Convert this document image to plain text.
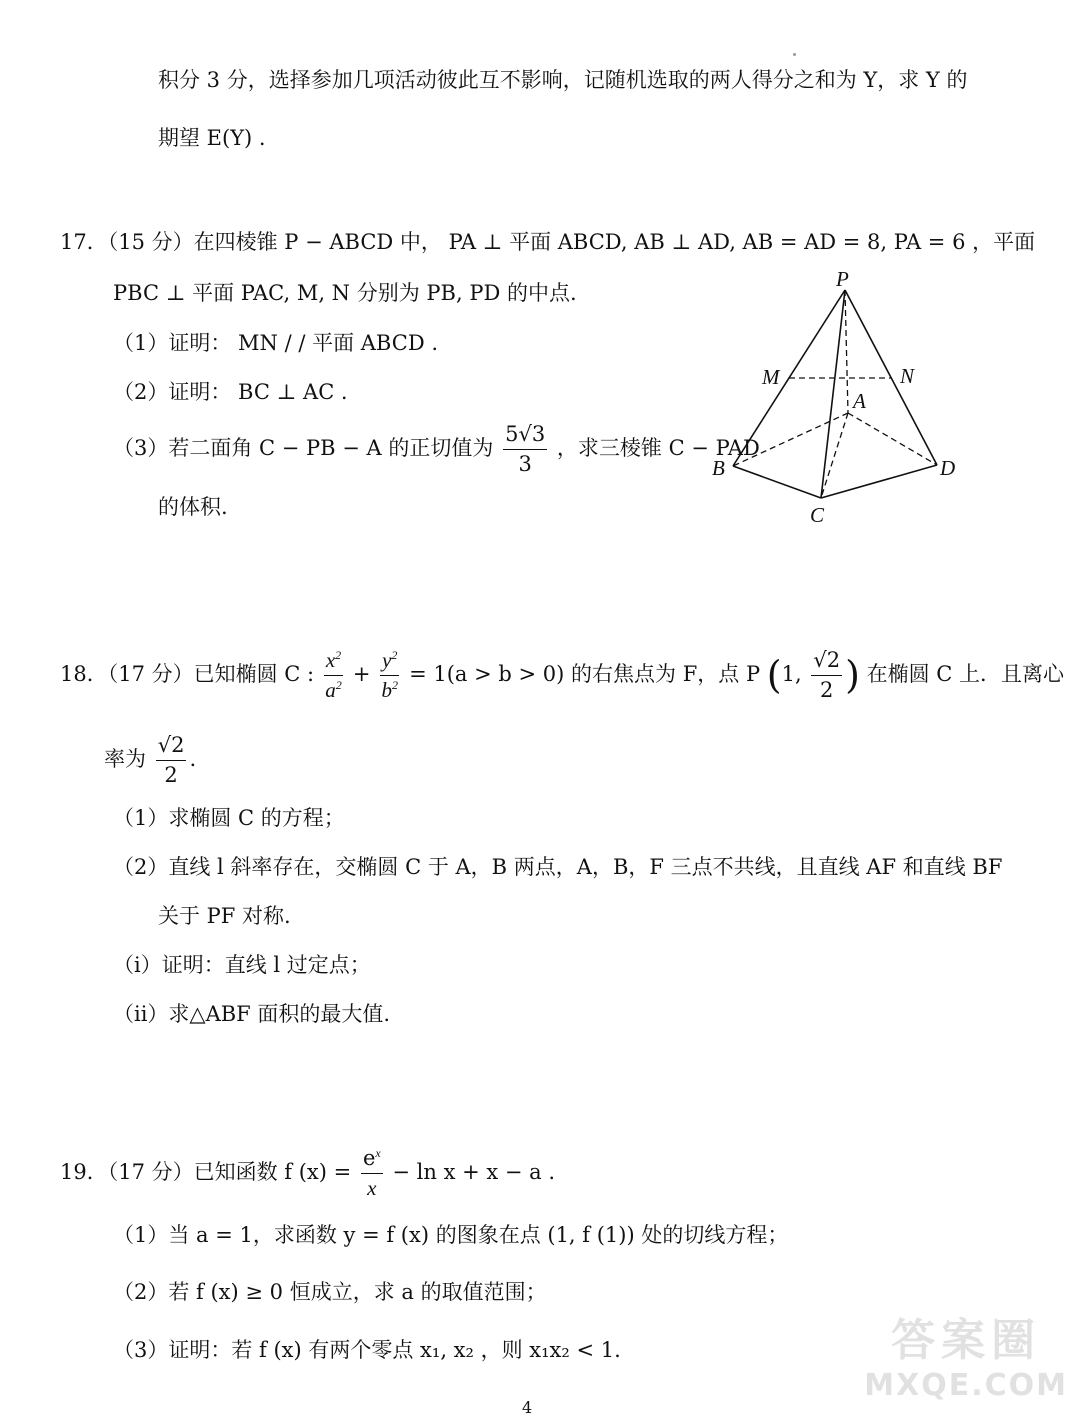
积分 3 分，选择参加几项活动彼此互不影响，记随机选取的两人得分之和为 Y，求 Y 的
期望 E(Y) .
17．（15 分）在四棱锥 P − ABCD 中， PA ⊥ 平面 ABCD, AB ⊥ AD, AB = AD = 8, PA = 6 ，平面
PBC ⊥ 平面 PAC, M, N 分别为 PB, PD 的中点.
（1）证明： MN / / 平面 ABCD .
（2）证明： BC ⊥ AC .
（3）若二面角 C − PB − A 的正切值为 $\frac{5√3}{3}$ ，求三棱锥 C − PAD
的体积.
P
M	N
A
B
C
D
18．（17 分）已知椭圆 C : $\frac{x^2}{a^2} + \frac{y^2}{b^2} = 1(a > b > 0)$ 的右焦点为 F，点 P (1, $\frac{√2}{2}$ ) 在椭圆 C 上．且离心
率为 $\frac{√2}{2}$ .
（1）求椭圆 C 的方程；
（2）直线 l 斜率存在，交椭圆 C 于 A，B 两点，A，B，F 三点不共线，且直线 AF 和直线 BF
关于 PF 对称.
（i）证明：直线 l 过定点；
（ii）求△ABF 面积的最大值.
19．（17 分）已知函数 f $(x) = \frac{e^x}{x} - \ln x + x - a$ .
（1）当 a = 1，求函数 y = f (x) 的图象在点 (1, f (1)) 处的切线方程；
（2）若 f (x) ≥ 0 恒成立，求 a 的取值范围；
（3）证明：若 f (x) 有两个零点 x₁, x₂ ，则 x₁x₂ < 1.	答案圈
MXQE.COM
4
